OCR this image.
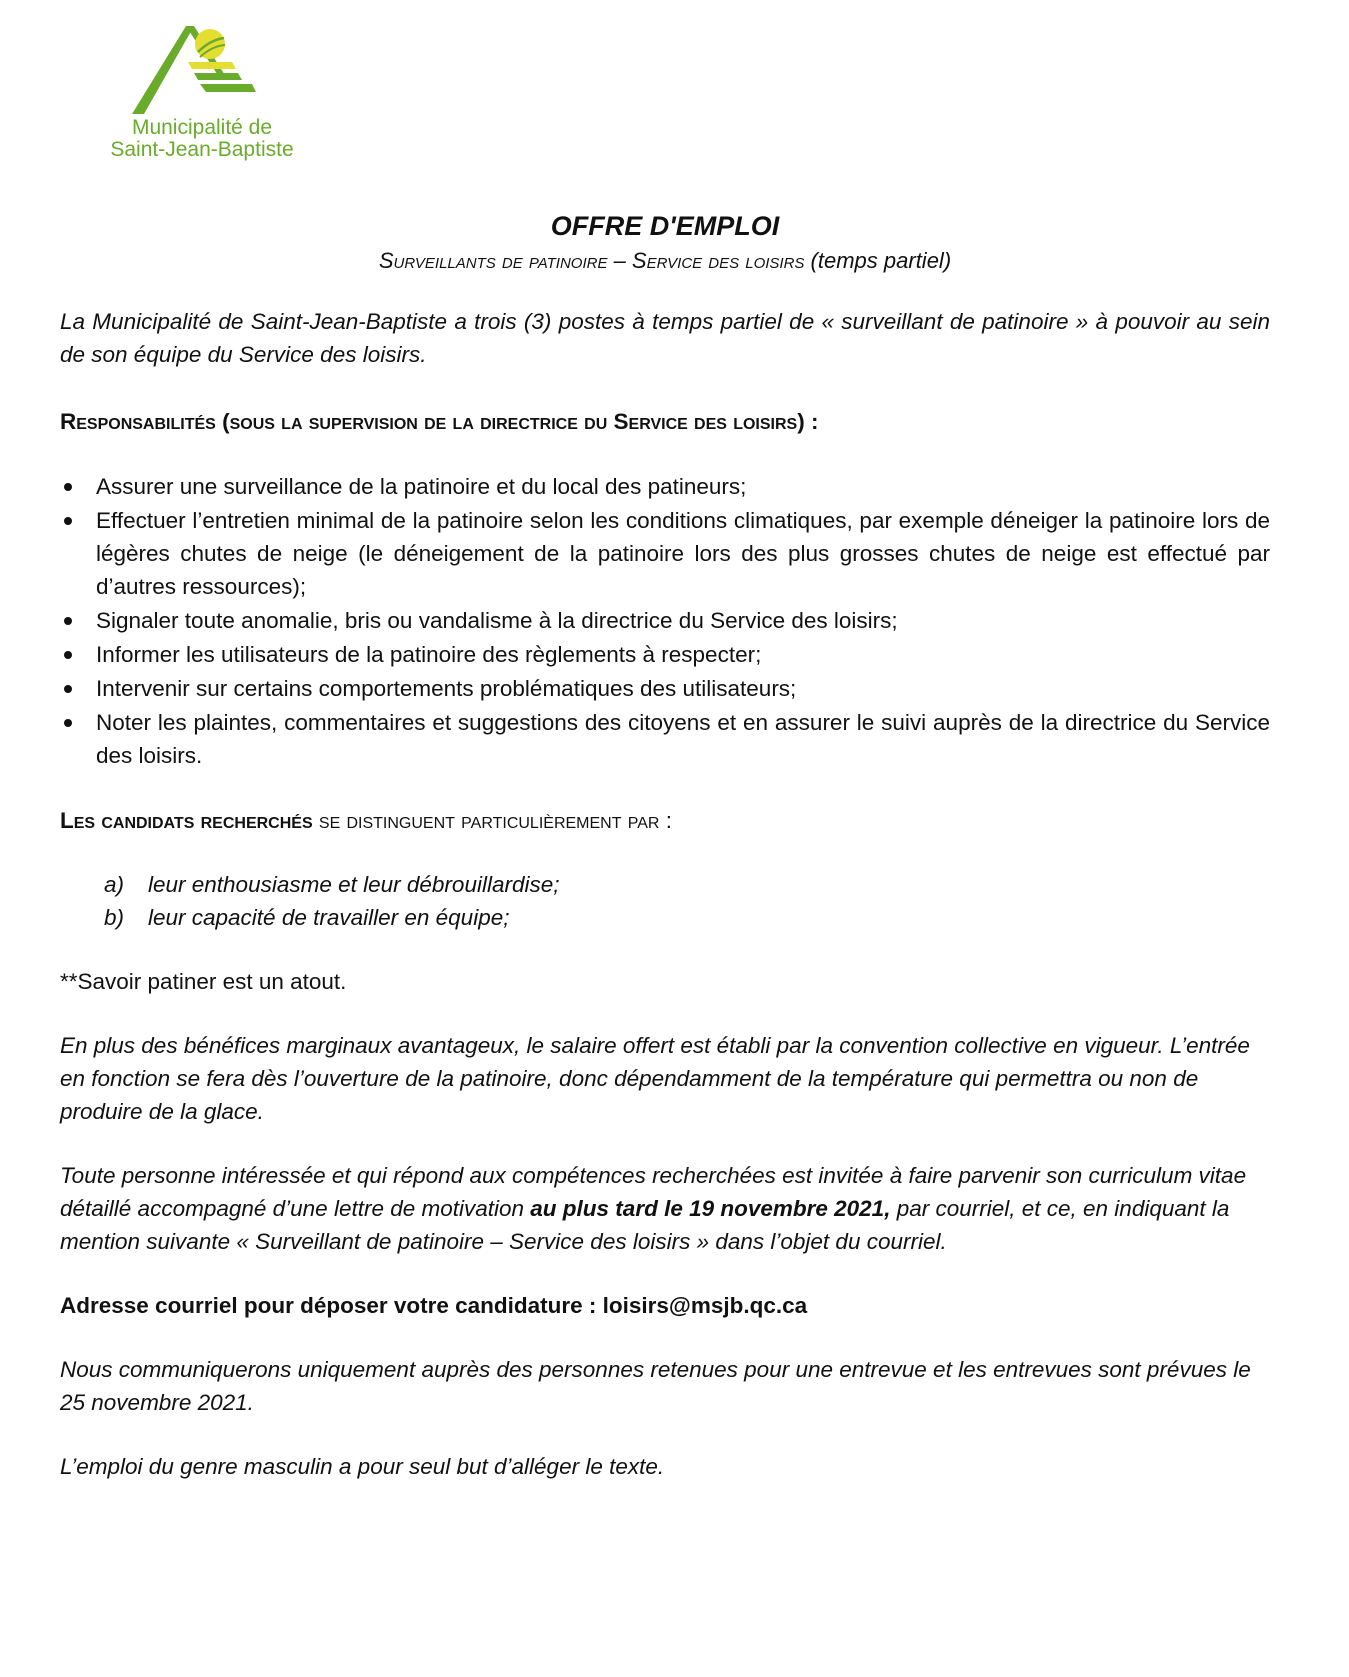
Municipalité de
Saint-Jean-Baptiste
OFFRE D'EMPLOI
Surveillants de patinoire – Service des loisirs (temps partiel)

La Municipalité de Saint-Jean-Baptiste a trois (3) postes à temps partiel de « surveillant de patinoire » à pouvoir au sein de son équipe du Service des loisirs.

Responsabilités (sous la supervision de la directrice du Service des loisirs) :

Assurer une surveillance de la patinoire et du local des patineurs;
Effectuer l’entretien minimal de la patinoire selon les conditions climatiques, par exemple déneiger la patinoire lors de légères chutes de neige (le déneigement de la patinoire lors des plus grosses chutes de neige est effectué par d’autres ressources);
Signaler toute anomalie, bris ou vandalisme à la directrice du Service des loisirs;
Informer les utilisateurs de la patinoire des règlements à respecter;
Intervenir sur certains comportements problématiques des utilisateurs;
Noter les plaintes, commentaires et suggestions des citoyens et en assurer le suivi auprès de la directrice du Service des loisirs.

Les candidats recherchés se distinguent particulièrement par :

a) leur enthousiasme et leur débrouillardise;
b) leur capacité de travailler en équipe;

**Savoir patiner est un atout.

En plus des bénéfices marginaux avantageux, le salaire offert est établi par la convention collective en vigueur. L’entrée en fonction se fera dès l’ouverture de la patinoire, donc dépendamment de la température qui permettra ou non de produire de la glace.

Toute personne intéressée et qui répond aux compétences recherchées est invitée à faire parvenir son curriculum vitae détaillé accompagné d’une lettre de motivation au plus tard le 19 novembre 2021, par courriel, et ce, en indiquant la mention suivante « Surveillant de patinoire – Service des loisirs » dans l’objet du courriel.

Adresse courriel pour déposer votre candidature : loisirs@msjb.qc.ca

Nous communiquerons uniquement auprès des personnes retenues pour une entrevue et les entrevues sont prévues le 25 novembre 2021.

L’emploi du genre masculin a pour seul but d’alléger le texte.
